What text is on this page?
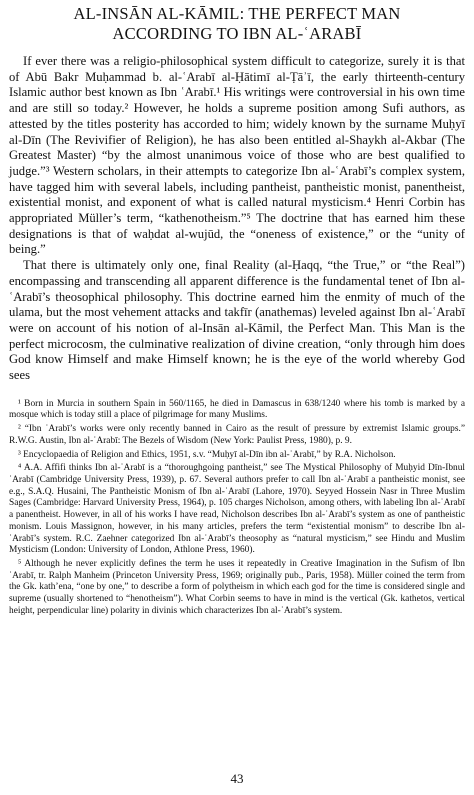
AL-INSĀN AL-KĀMIL: THE PERFECT MAN
ACCORDING TO IBN AL-ʿARABĪ

If ever there was a religio-philosophical system difficult to categorize, surely it is that of Abū Bakr Muḥammad b. al-ʿArabī al-Ḥātimī al-Ṭāʾī, the early thirteenth-century Islamic author best known as Ibn ʿArabī.¹ His writings were controversial in his own time and are still so today.² However, he holds a supreme position among Sufi authors, as attested by the titles posterity has accorded to him; widely known by the surname Muḥyī al-Dīn (The Revivifier of Religion), he has also been entitled al-Shaykh al-Akbar (The Greatest Master) “by the almost unanimous voice of those who are best qualified to judge.”³ Western scholars, in their attempts to categorize Ibn al-ʿArabī’s complex system, have tagged him with several labels, including pantheist, pantheistic monist, panentheist, existential monist, and exponent of what is called natural mysticism.⁴ Henri Corbin has appropriated Müller’s term, “kathenotheism.”⁵ The doctrine that has earned him these designations is that of waḥdat al-wujūd, the “oneness of existence,” or the “unity of being.”

That there is ultimately only one, final Reality (al-Ḥaqq, “the True,” or “the Real”) encompassing and transcending all apparent difference is the fundamental tenet of Ibn al-ʿArabī’s theosophical philosophy. This doctrine earned him the enmity of much of the ulama, but the most vehement attacks and takfīr (anathemas) leveled against Ibn al-ʿArabī were on account of his notion of al-Insān al-Kāmil, the Perfect Man. This Man is the perfect microcosm, the culminative realization of divine creation, “only through him does God know Himself and make Himself known; he is the eye of the world whereby God sees

¹ Born in Murcia in southern Spain in 560/1165, he died in Damascus in 638/1240 where his tomb is marked by a mosque which is today still a place of pilgrimage for many Muslims.

² “Ibn ʿArabī’s works were only recently banned in Cairo as the result of pressure by extremist Islamic groups.” R.W.G. Austin, Ibn al-ʿArabī: The Bezels of Wisdom (New York: Paulist Press, 1980), p. 9.

³ Encyclopaedia of Religion and Ethics, 1951, s.v. “Muḥyī al-Dīn ibn al-ʿArabī,” by R.A. Nicholson.

⁴ A.A. Affifi thinks Ibn al-ʿArabī is a “thoroughgoing pantheist,” see The Mystical Philosophy of Muḥyid Dīn-Ibnul ʿArabī (Cambridge University Press, 1939), p. 67. Several authors prefer to call Ibn al-ʿArabī a pantheistic monist, see e.g., S.A.Q. Husaini, The Pantheistic Monism of Ibn al-ʿArabī (Lahore, 1970). Seyyed Hossein Nasr in Three Muslim Sages (Cambridge: Harvard University Press, 1964), p. 105 charges Nicholson, among others, with labeling Ibn al-ʿArabī a panentheist. However, in all of his works I have read, Nicholson describes Ibn al-ʿArabī’s system as one of pantheistic monism. Louis Massignon, however, in his many articles, prefers the term “existential monism” to describe Ibn al-ʿArabī’s system. R.C. Zaehner categorized Ibn al-ʿArabī’s theosophy as “natural mysticism,” see Hindu and Muslim Mysticism (London: University of London, Athlone Press, 1960).

⁵ Although he never explicitly defines the term he uses it repeatedly in Creative Imagination in the Sufism of Ibn ʿArabī, tr. Ralph Manheim (Princeton University Press, 1969; originally pub., Paris, 1958). Müller coined the term from the Gk. kath’ena, “one by one,” to describe a form of polytheism in which each god for the time is considered single and supreme (usually shortened to “henotheism”). What Corbin seems to have in mind is the vertical (Gk. kathetos, vertical height, perpendicular line) polarity in divinis which characterizes Ibn al-ʿArabī’s system.

43
